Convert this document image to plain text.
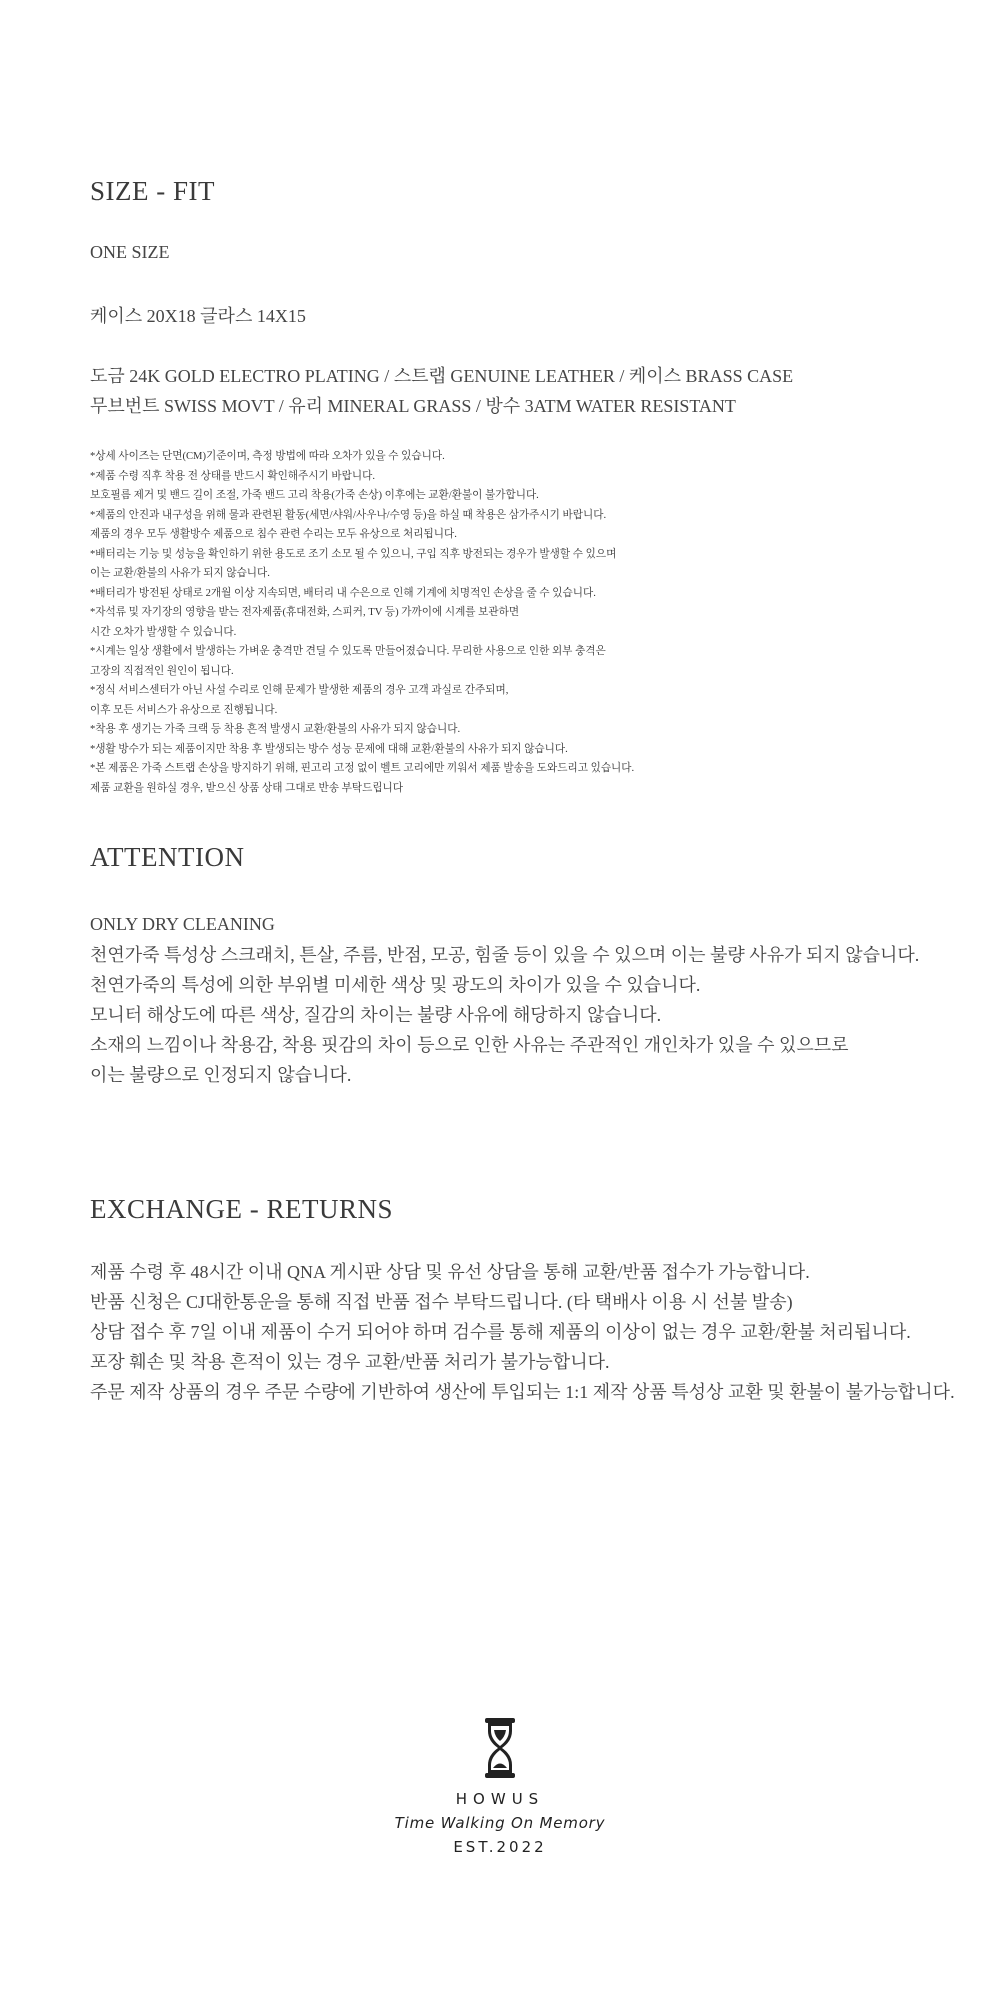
SIZE - FIT
ONE SIZE
케이스 20X18 글라스 14X15
도금 24K GOLD ELECTRO PLATING / 스트랩 GENUINE LEATHER / 케이스 BRASS CASE
무브번트 SWISS MOVT / 유리 MINERAL GRASS / 방수 3ATM WATER RESISTANT
*상세 사이즈는 단면(CM)기준이며, 측정 방법에 따라 오차가 있을 수 있습니다.
*제품 수령 직후 착용 전 상태를 반드시 확인해주시기 바랍니다.
보호필름 제거 및 밴드 길이 조절, 가죽 밴드 고리 착용(가죽 손상) 이후에는 교환/환불이 불가합니다.
*제품의 안진과 내구성을 위해 물과 관련된 활동(세면/샤워/사우나/수영 등)을 하실 때 착용은 삼가주시기 바랍니다.
제품의 경우 모두 생활방수 제품으로 침수 관련 수리는 모두 유상으로 처리됩니다.
*배터리는 기능 및 성능을 확인하기 위한 용도로 조기 소모 될 수 있으니, 구입 직후 방전되는 경우가 발생할 수 있으며
이는 교환/환불의 사유가 되지 않습니다.
*배터리가 방전된 상태로 2개월 이상 지속되면, 배터리 내 수은으로 인해 기계에 치명적인 손상을 줄 수 있습니다.
*자석류 및 자기장의 영향을 받는 전자제품(휴대전화, 스피커, TV 등) 가까이에 시계를 보관하면
시간 오차가 발생할 수 있습니다.
*시계는 일상 생활에서 발생하는 가벼운 충격만 견딜 수 있도록 만들어졌습니다. 무리한 사용으로 인한 외부 충격은
고장의 직접적인 원인이 됩니다.
*정식 서비스센터가 아닌 사설 수리로 인해 문제가 발생한 제품의 경우 고객 과실로 간주되며,
이후 모든 서비스가 유상으로 진행됩니다.
*착용 후 생기는 가죽 크랙 등 착용 흔적 발생시 교환/환불의 사유가 되지 않습니다.
*생활 방수가 되는 제품이지만 착용 후 발생되는 방수 성능 문제에 대해 교환/환불의 사유가 되지 않습니다.
*본 제품은 가죽 스트랩 손상을 방지하기 위해, 핀고리 고정 없이 벨트 고리에만 끼워서 제품 발송을 도와드리고 있습니다.
제품 교환을 원하실 경우, 받으신 상품 상태 그대로 반송 부탁드립니다
ATTENTION
ONLY DRY CLEANING
천연가죽 특성상 스크래치, 튼살, 주름, 반점, 모공, 힘줄 등이 있을 수 있으며 이는 불량 사유가 되지 않습니다.
천연가죽의 특성에 의한 부위별 미세한 색상 및 광도의 차이가 있을 수 있습니다.
모니터 해상도에 따른 색상, 질감의 차이는 불량 사유에 해당하지 않습니다.
소재의 느낌이나 착용감, 착용 핏감의 차이 등으로 인한 사유는 주관적인 개인차가 있을 수 있으므로
이는 불량으로 인정되지 않습니다.
EXCHANGE - RETURNS
제품 수령 후 48시간 이내 QNA 게시판 상담 및 유선 상담을 통해 교환/반품 접수가 가능합니다.
반품 신청은 CJ대한통운을 통해 직접 반품 접수 부탁드립니다. (타 택배사 이용 시 선불 발송)
상담 접수 후 7일 이내 제품이 수거 되어야 하며 검수를 통해 제품의 이상이 없는 경우 교환/환불 처리됩니다.
포장 훼손 및 착용 흔적이 있는 경우 교환/반품 처리가 불가능합니다.
주문 제작 상품의 경우 주문 수량에 기반하여 생산에 투입되는 1:1 제작 상품 특성상 교환 및 환불이 불가능합니다.
HOWUS
Time Walking On Memory
EST.2022
